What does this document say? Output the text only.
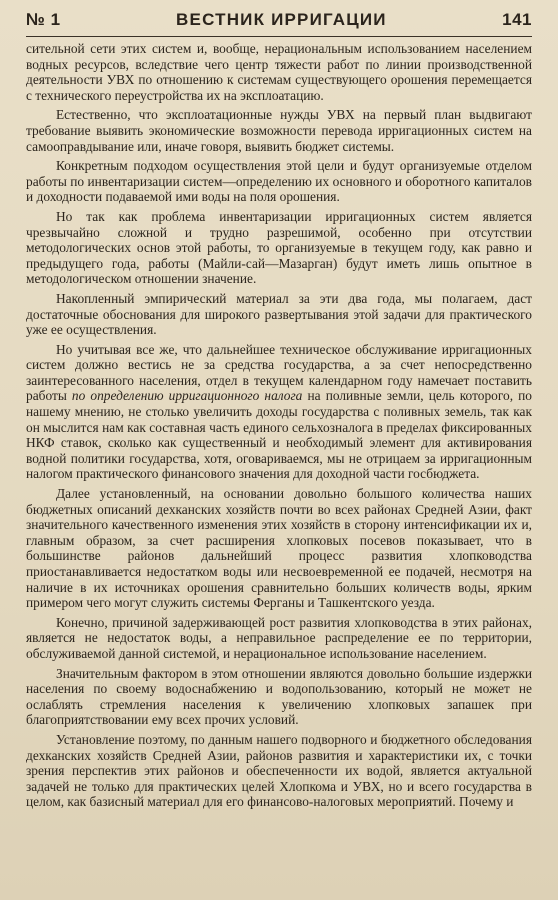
№ 1	ВЕСТНИК ИРРИГАЦИИ	141

сительной сети этих систем и, вообще, нерациональным использованием населением водных ресурсов, вследствие чего центр тяжести работ по линии производственной деятельности УВХ по отношению к системам существующего орошения перемещается с технического переустройства их на эксплоатацию.

Естественно, что эксплоатационные нужды УВХ на первый план выдвигают требование выявить экономические возможности перевода ирригационных систем на самооправдывание или, иначе говоря, выявить бюджет системы.

Конкретным подходом осуществления этой цели и будут организуемые отделом работы по инвентаризации систем—определению их основного и оборотного капиталов и доходности подаваемой ими воды на поля орошения.

Но так как проблема инвентаризации ирригационных систем является чрезвычайно сложной и трудно разрешимой, особенно при отсутствии методологических основ этой работы, то организуемые в текущем году, как равно и предыдущего года, работы (Майли-сай—Мазарган) будут иметь лишь опытное в методологическом отношении значение.

Накопленный эмпирический материал за эти два года, мы полагаем, даст достаточные обоснования для широкого развертывания этой задачи для практического уже ее осуществления.

Но учитывая все же, что дальнейшее техническое обслуживание ирригационных систем должно вестись не за средства государства, а за счет непосредственно заинтересованного населения, отдел в текущем календарном году намечает поставить работы по определению ирригационного налога на поливные земли, цель которого, по нашему мнению, не столько увеличить доходы государства с поливных земель, так как он мыслится нам как составная часть единого сельхозналога в пределах фиксированных НКФ ставок, сколько как существенный и необходимый элемент для активирования водной политики государства, хотя, оговариваемся, мы не отрицаем за ирригационным налогом практического финансового значения для доходной части госбюджета.

Далее установленный, на основании довольно большого количества наших бюджетных описаний дехканских хозяйств почти во всех районах Средней Азии, факт значительного качественного изменения этих хозяйств в сторону интенсификации их и, главным образом, за счет расширения хлопковых посевов показывает, что в большинстве районов дальнейший процесс развития хлопководства приостанавливается недостатком воды или несвоевременной ее подачей, несмотря на наличие в их источниках орошения сравнительно больших количеств воды, ярким примером чего могут служить системы Ферганы и Ташкентского уезда.

Конечно, причиной задерживающей рост развития хлопководства в этих районах, является не недостаток воды, а неправильное распределение ее по территории, обслуживаемой данной системой, и нерациональное использование населением.

Значительным фактором в этом отношении являются довольно большие издержки населения по своему водоснабжению и водопользованию, который не может не ослаблять стремления населения к увеличению хлопковых запашек при благоприятствовании ему всех прочих условий.

Установление поэтому, по данным нашего подворного и бюджетного обследования дехканских хозяйств Средней Азии, районов развития и характеристики их, с точки зрения перспектив этих районов и обеспеченности их водой, является актуальной задачей не только для практических целей Хлопкома и УВХ, но и всего государства в целом, как базисный материал для его финансово-налоговых мероприятий. Почему и
